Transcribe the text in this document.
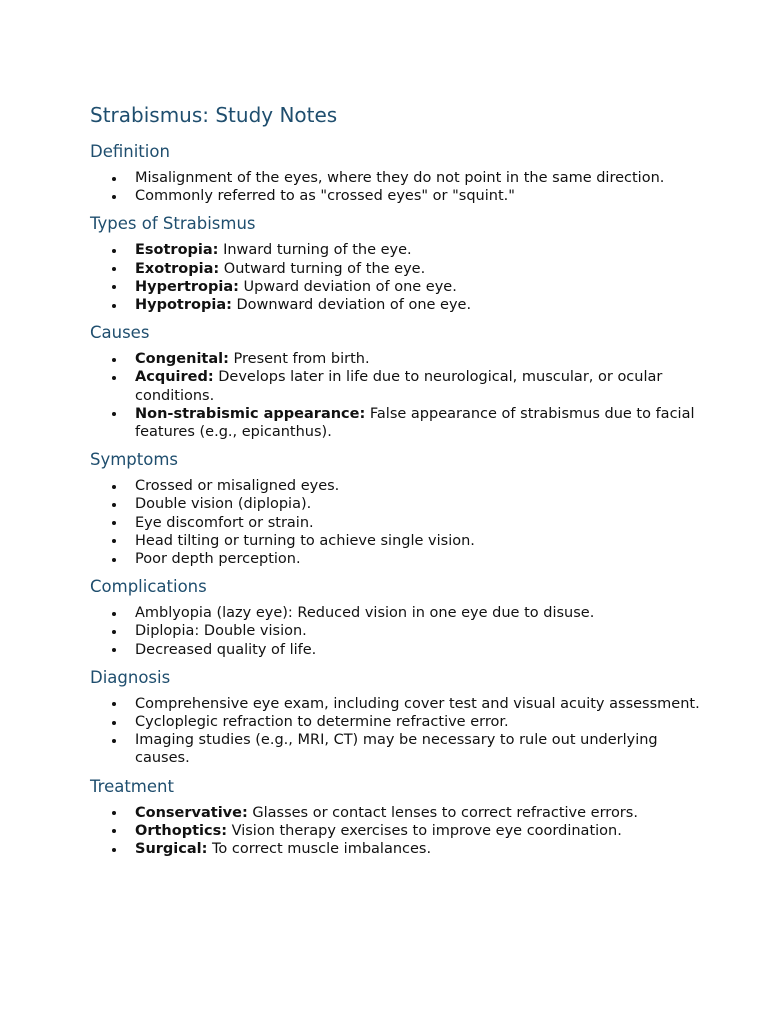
Strabismus: Study Notes
Definition
Misalignment of the eyes, where they do not point in the same direction.
Commonly referred to as "crossed eyes" or "squint."
Types of Strabismus
Esotropia: Inward turning of the eye.
Exotropia: Outward turning of the eye.
Hypertropia: Upward deviation of one eye.
Hypotropia: Downward deviation of one eye.
Causes
Congenital: Present from birth.
Acquired: Develops later in life due to neurological, muscular, or ocular conditions.
Non-strabismic appearance: False appearance of strabismus due to facial features (e.g., epicanthus).
Symptoms
Crossed or misaligned eyes.
Double vision (diplopia).
Eye discomfort or strain.
Head tilting or turning to achieve single vision.
Poor depth perception.
Complications
Amblyopia (lazy eye): Reduced vision in one eye due to disuse.
Diplopia: Double vision.
Decreased quality of life.
Diagnosis
Comprehensive eye exam, including cover test and visual acuity assessment.
Cycloplegic refraction to determine refractive error.
Imaging studies (e.g., MRI, CT) may be necessary to rule out underlying causes.
Treatment
Conservative: Glasses or contact lenses to correct refractive errors.
Orthoptics: Vision therapy exercises to improve eye coordination.
Surgical: To correct muscle imbalances.
